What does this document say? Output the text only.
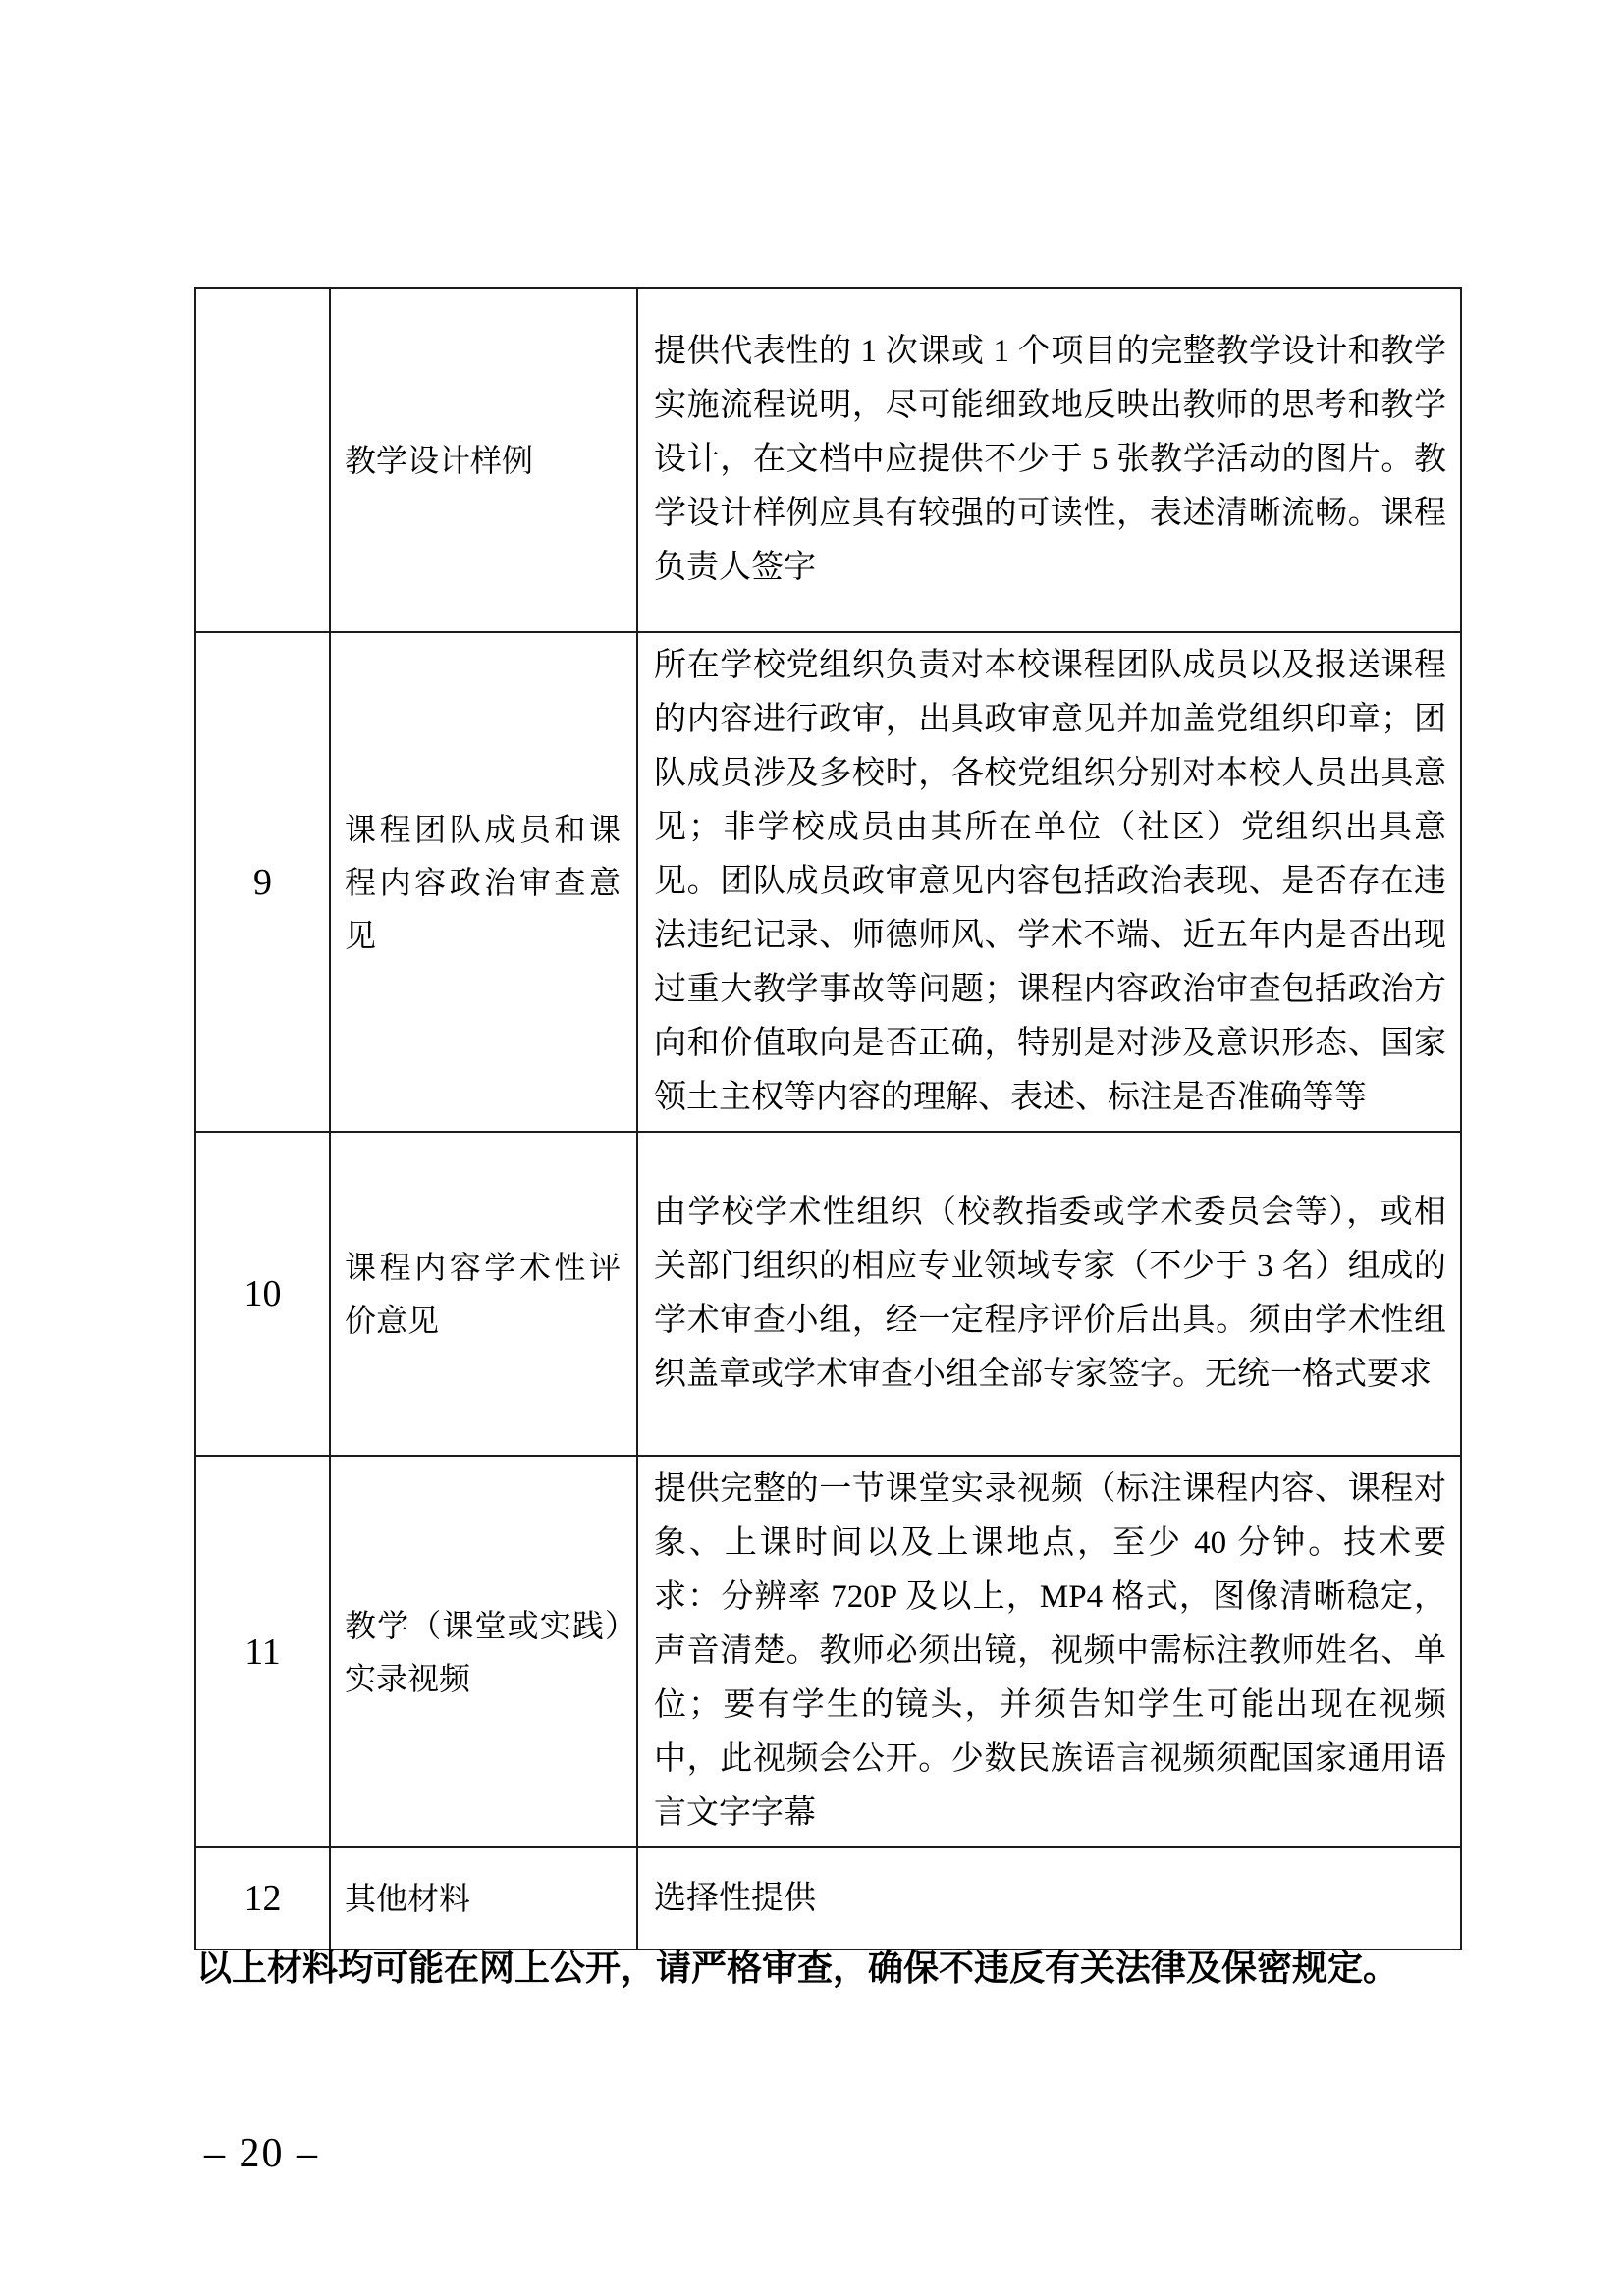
	教学设计样例	提供代表性的 1 次课或 1 个项目的完整教学设计和教学实施流程说明，尽可能细致地反映出教师的思考和教学设计，在文档中应提供不少于 5 张教学活动的图片。教学设计样例应具有较强的可读性，表述清晰流畅。课程负责人签字
9	课程团队成员和课程内容政治审查意见	所在学校党组织负责对本校课程团队成员以及报送课程的内容进行政审，出具政审意见并加盖党组织印章；团队成员涉及多校时，各校党组织分别对本校人员出具意见；非学校成员由其所在单位（社区）党组织出具意见。团队成员政审意见内容包括政治表现、是否存在违法违纪记录、师德师风、学术不端、近五年内是否出现过重大教学事故等问题；课程内容政治审查包括政治方向和价值取向是否正确，特别是对涉及意识形态、国家领土主权等内容的理解、表述、标注是否准确等等
10	课程内容学术性评价意见	由学校学术性组织（校教指委或学术委员会等），或相关部门组织的相应专业领域专家（不少于 3 名）组成的学术审查小组，经一定程序评价后出具。须由学术性组织盖章或学术审查小组全部专家签字。无统一格式要求
11	教学（课堂或实践）实录视频	提供完整的一节课堂实录视频（标注课程内容、课程对象、上课时间以及上课地点，至少 40 分钟。技术要求：分辨率 720P 及以上，MP4 格式，图像清晰稳定，声音清楚。教师必须出镜，视频中需标注教师姓名、单位；要有学生的镜头，并须告知学生可能出现在视频中，此视频会公开。少数民族语言视频须配国家通用语言文字字幕
12	其他材料	选择性提供

以上材料均可能在网上公开，请严格审查，确保不违反有关法律及保密规定。

– 20 –
